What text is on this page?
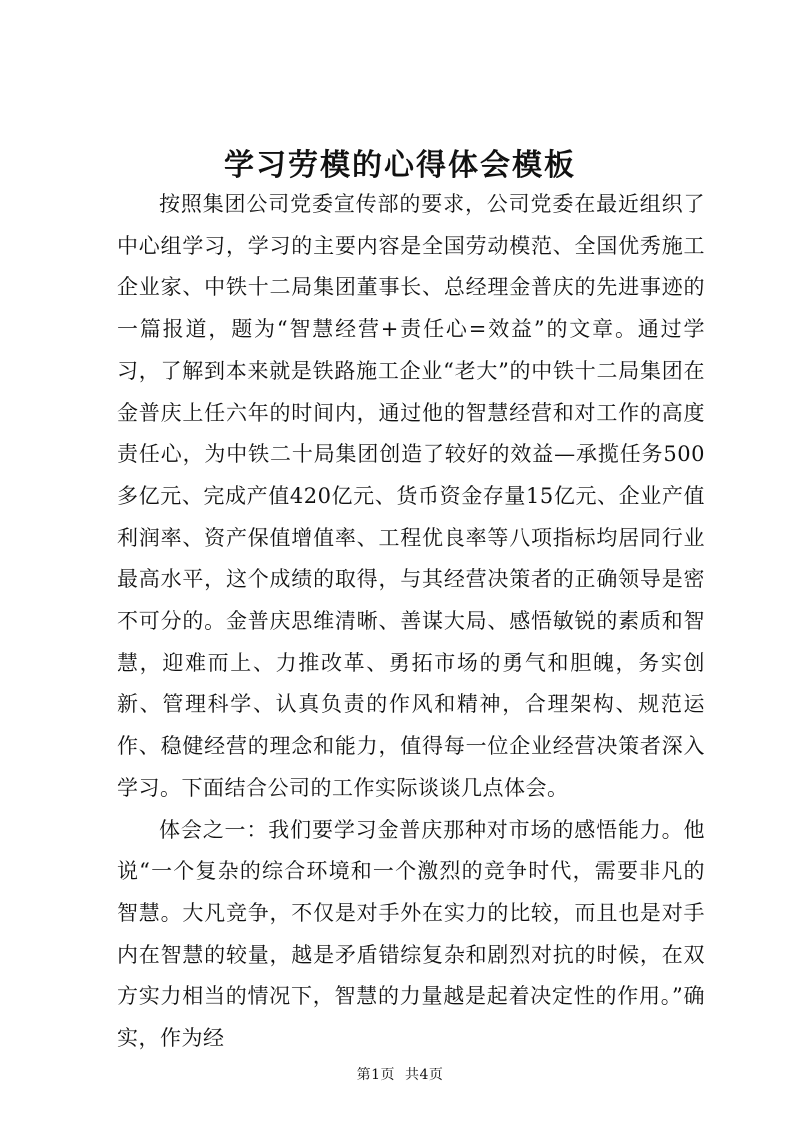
学习劳模的心得体会模板

按照集团公司党委宣传部的要求，公司党委在最近组织了中心组学习，学习的主要内容是全国劳动模范、全国优秀施工企业家、中铁十二局集团董事长、总经理金普庆的先进事迹的一篇报道，题为“智慧经营+责任心=效益”的文章。通过学习，了解到本来就是铁路施工企业“老大”的中铁十二局集团在金普庆上任六年的时间内，通过他的智慧经营和对工作的高度责任心，为中铁二十局集团创造了较好的效益—承揽任务500多亿元、完成产值420亿元、货币资金存量15亿元、企业产值利润率、资产保值增值率、工程优良率等八项指标均居同行业最高水平，这个成绩的取得，与其经营决策者的正确领导是密不可分的。金普庆思维清晰、善谋大局、感悟敏锐的素质和智慧，迎难而上、力推改革、勇拓市场的勇气和胆魄，务实创新、管理科学、认真负责的作风和精神，合理架构、规范运作、稳健经营的理念和能力，值得每一位企业经营决策者深入学习。下面结合公司的工作实际谈谈几点体会。

体会之一：我们要学习金普庆那种对市场的感悟能力。他说“一个复杂的综合环境和一个激烈的竞争时代，需要非凡的智慧。大凡竞争，不仅是对手外在实力的比较，而且也是对手内在智慧的较量，越是矛盾错综复杂和剧烈对抗的时候，在双方实力相当的情况下，智慧的力量越是起着决定性的作用。”确实，作为经

第1页  共4页
